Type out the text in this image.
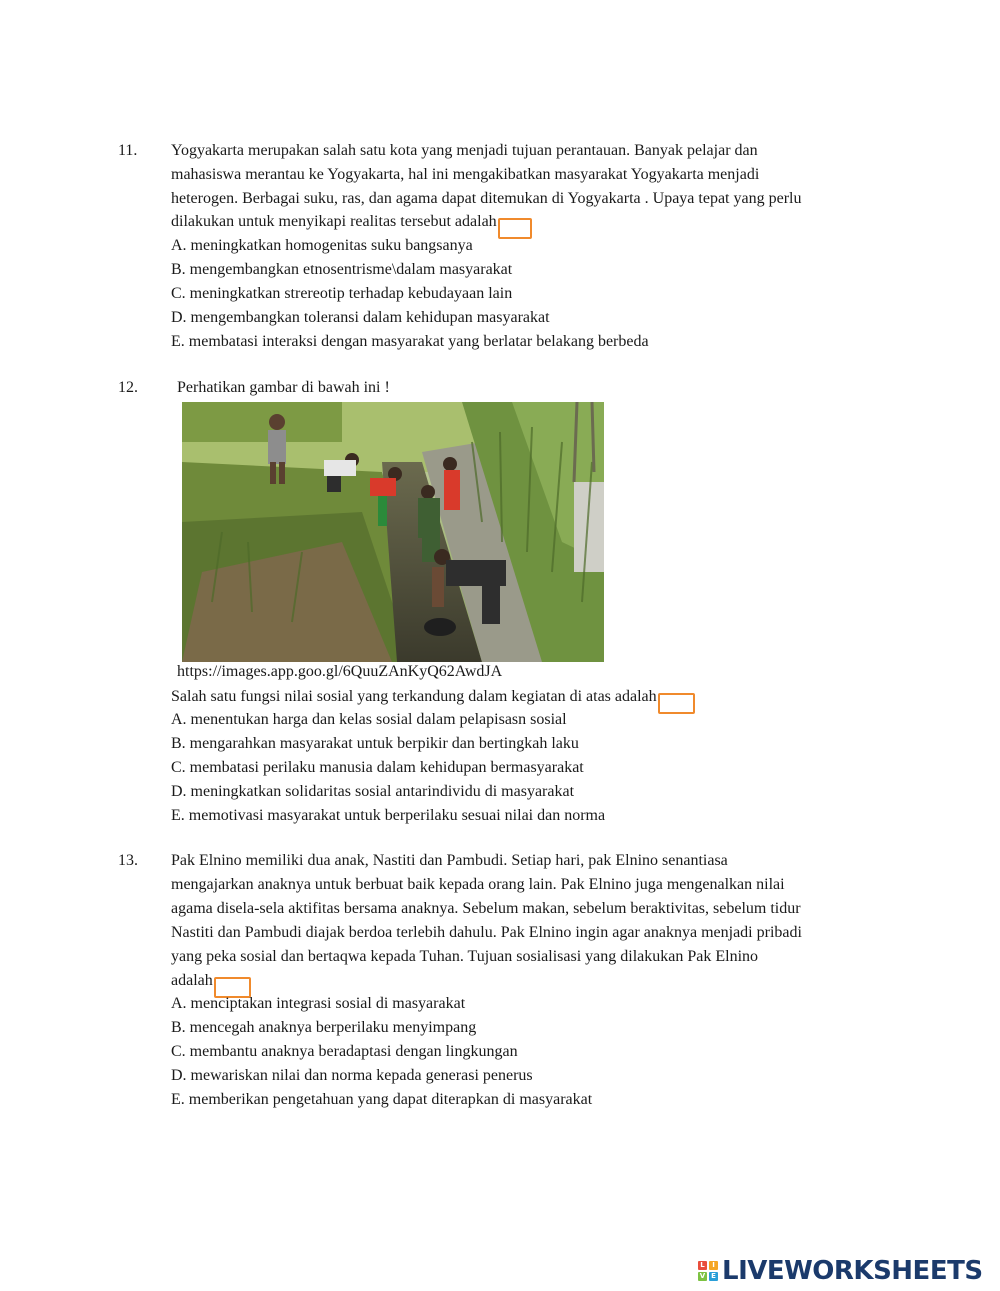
11. Yogyakarta merupakan salah satu kota yang menjadi tujuan perantauan. Banyak pelajar dan
mahasiswa merantau ke Yogyakarta, hal ini mengakibatkan masyarakat Yogyakarta menjadi
heterogen. Berbagai suku, ras, dan agama dapat ditemukan di Yogyakarta . Upaya tepat yang perlu
dilakukan untuk menyikapi realitas tersebut adalah
A. meningkatkan homogenitas suku bangsanya
B. mengembangkan etnosentrisme\dalam masyarakat
C. meningkatkan strereotip terhadap kebudayaan lain
D. mengembangkan toleransi dalam kehidupan masyarakat
E. membatasi interaksi dengan masyarakat yang berlatar belakang berbeda
12. Perhatikan gambar di bawah ini !
https://images.app.goo.gl/6QuuZAnKyQ62AwdJA
Salah satu fungsi nilai sosial yang terkandung dalam kegiatan di atas adalah
A. menentukan harga dan kelas sosial dalam pelapisasn sosial
B. mengarahkan masyarakat untuk berpikir dan bertingkah laku
C. membatasi perilaku manusia dalam kehidupan bermasyarakat
D. meningkatkan solidaritas sosial antarindividu di masyarakat
E. memotivasi masyarakat untuk berperilaku sesuai nilai dan norma
13. Pak Elnino memiliki dua anak, Nastiti dan Pambudi. Setiap hari, pak Elnino senantiasa
mengajarkan anaknya untuk berbuat baik kepada orang lain. Pak Elnino juga mengenalkan nilai
agama disela-sela aktifitas bersama anaknya. Sebelum makan, sebelum beraktivitas, sebelum tidur
Nastiti dan Pambudi diajak berdoa terlebih dahulu. Pak Elnino ingin agar anaknya menjadi pribadi
yang peka sosial dan bertaqwa kepada Tuhan. Tujuan sosialisasi yang dilakukan Pak Elnino
adalah
A. menciptakan integrasi sosial di masyarakat
B. mencegah anaknya berperilaku menyimpang
C. membantu anaknya beradaptasi dengan lingkungan
D. mewariskan nilai dan norma kepada generasi penerus
E. memberikan pengetahuan yang dapat diterapkan di masyarakat
L	I
V E LIVEWORKSHEETS
